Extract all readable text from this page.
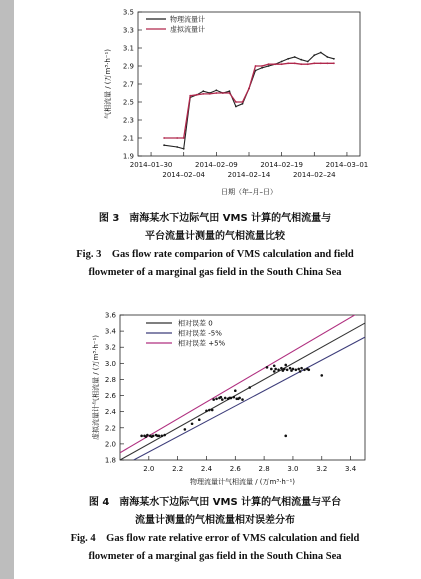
1.9
2.1
2.3
2.5
2.7
2.9
3.1
3.3
3.5
2014–01–30	2014–02–09	2014–02–19	2014–03–01
2014–02–04	2014–02–14	2014–02–24
日期（年–月–日）
气相流量 / (万m³·h⁻¹)
物理流量计
虚拟流量计
2.0	2.2	2.4	2.6	2.8	3.0	3.2	3.4
1.8
2.0
2.2
2.4
2.6
2.8
3.0
3.2
3.4
3.6
物理流量计气相流量 / (万m³·h⁻¹)
虚拟流量计气相流量 / (万m³·h⁻¹)
相对误差 0
相对误差 -5%
相对误差 +5%
图 3　南海某水下边际气田 VMS 计算的气相流量与
平台流量计测量的气相流量比较
Fig. 3　Gas flow rate comparion of VMS calculation and field
flowmeter of a marginal gas field in the South China Sea
图 4　南海某水下边际气田 VMS 计算的气相流量与平台
流量计测量的气相流量相对误差分布
Fig. 4　Gas flow rate relative error of VMS calculation and field
flowmeter of a marginal gas field in the South China Sea
